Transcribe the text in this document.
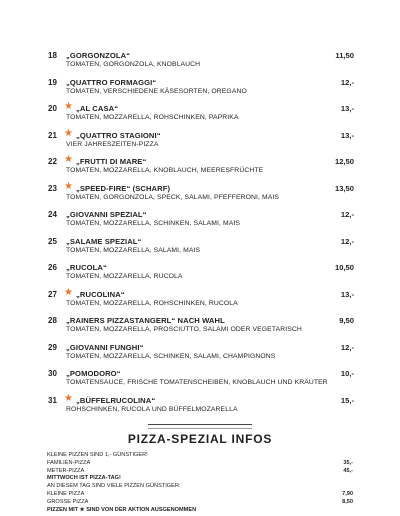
18 „GORGONZOLA“
TOMATEN, GORGONZOLA, KNOBLAUCH
11,50
19 „QUATTRO FORMAGGI“
TOMATEN, VERSCHIEDENE KÄSESORTEN, OREGANO
12,-
20 ★ „AL CASA“
TOMATEN, MOZZARELLA, ROHSCHINKEN, PAPRIKA
13,-
21 ★ „QUATTRO STAGIONI“
VIER JAHRESZEITEN-PIZZA
13,-
22 ★ „FRUTTI DI MARE“
TOMATEN, MOZZARELLA, KNOBLAUCH, MEERESFRÜCHTE
12,50
23 ★ „SPEED-FIRE“ (SCHARF)
TOMATEN, GORGONZOLA, SPECK, SALAMI, PFEFFERONI, MAIS
13,50
24 „GIOVANNI SPEZIAL“
TOMATEN, MOZZARELLA, SCHINKEN, SALAMI, MAIS
12,-
25 „SALAME SPEZIAL“
TOMATEN, MOZZARELLA, SALAMI, MAIS
12,-
26 „RUCOLA“
TOMATEN, MOZZARELLA, RUCOLA
10,50
27 ★ „RUCOLINA“
TOMATEN, MOZZARELLA, ROHSCHINKEN, RUCOLA
13,-
28 „RAINERS PIZZASTANGERL“ NACH WAHL
TOMATEN, MOZZARELLA, PROSCIUTTO, SALAMI ODER VEGETARISCH
9,50
29 „GIOVANNI FUNGHI“
TOMATEN, MOZZARELLA, SCHINKEN, SALAMI, CHAMPIGNONS
12,-
30 „POMODORO“
TOMATENSAUCE, FRISCHE TOMATENSCHEIBEN, KNOBLAUCH UND KRÄUTER
10,-
31 ★ „BÜFFELRUCOLINA“
ROHSCHINKEN, RUCOLA UND BÜFFELMOZARELLA
15,-
PIZZA-SPEZIAL INFOS
KLEINE PIZZEN SIND 1,- GÜNSTIGER!
FAMILIEN-PIZZA	35,-
METER-PIZZA	45,-
MITTWOCH IST PIZZA-TAG!
AN DIESEM TAG SIND VIELE PIZZEN GÜNSTIGER:
KLEINE PIZZA	7,90
GROSSE PIZZA	8,50
PIZZEN MIT ★ SIND VON DER AKTION AUSGENOMMEN
